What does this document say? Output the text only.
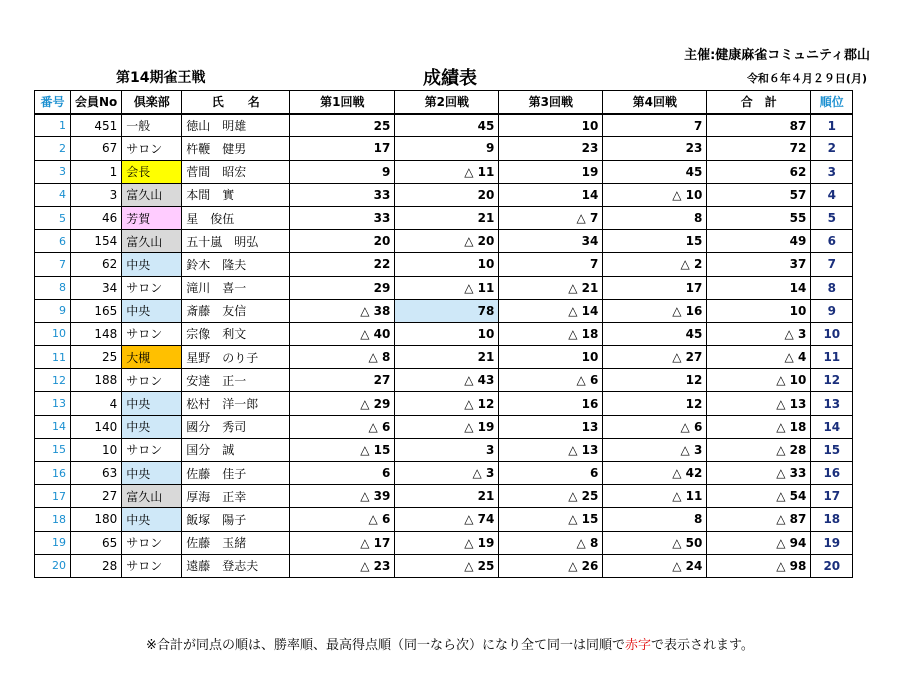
主催:健康麻雀コミュニティ郡山
第14期雀王戦	成績表	令和６年４月２９日(月)
番号	会員No	倶楽部	氏　　名	第1回戦	第2回戦	第3回戦	第4回戦	合　計	順位
1	451	一般	徳山　明雄	25	45	10	7	87	1
2	67	サロン	杵鞭　健男	17	9	23	23	72	2
3	1	会長	菅間　昭宏	9	△ 11	19	45	62	3
4	3	富久山	本間　實	33	20	14	△ 10	57	4
5	46	芳賀	星　俊伍	33	21	△ 7	8	55	5
6	154	富久山	五十嵐　明弘	20	△ 20	34	15	49	6
7	62	中央	鈴木　隆夫	22	10	7	△ 2	37	7
8	34	サロン	滝川　喜一	29	△ 11	△ 21	17	14	8
9	165	中央	斎藤　友信	△ 38	78	△ 14	△ 16	10	9
10	148	サロン	宗像　利文	△ 40	10	△ 18	45	△ 3	10
11	25	大槻	星野　のり子	△ 8	21	10	△ 27	△ 4	11
12	188	サロン	安達　正一	27	△ 43	△ 6	12	△ 10	12
13	4	中央	松村　洋一郎	△ 29	△ 12	16	12	△ 13	13
14	140	中央	國分　秀司	△ 6	△ 19	13	△ 6	△ 18	14
15	10	サロン	国分　誠	△ 15	3	△ 13	△ 3	△ 28	15
16	63	中央	佐藤　佳子	6	△ 3	6	△ 42	△ 33	16
17	27	富久山	厚海　正幸	△ 39	21	△ 25	△ 11	△ 54	17
18	180	中央	飯塚　陽子	△ 6	△ 74	△ 15	8	△ 87	18
19	65	サロン	佐藤　玉緒	△ 17	△ 19	△ 8	△ 50	△ 94	19
20	28	サロン	遠藤　登志夫	△ 23	△ 25	△ 26	△ 24	△ 98	20
※合計が同点の順は、勝率順、最高得点順（同一なら次）になり全て同一は同順で赤字で表示されます。
